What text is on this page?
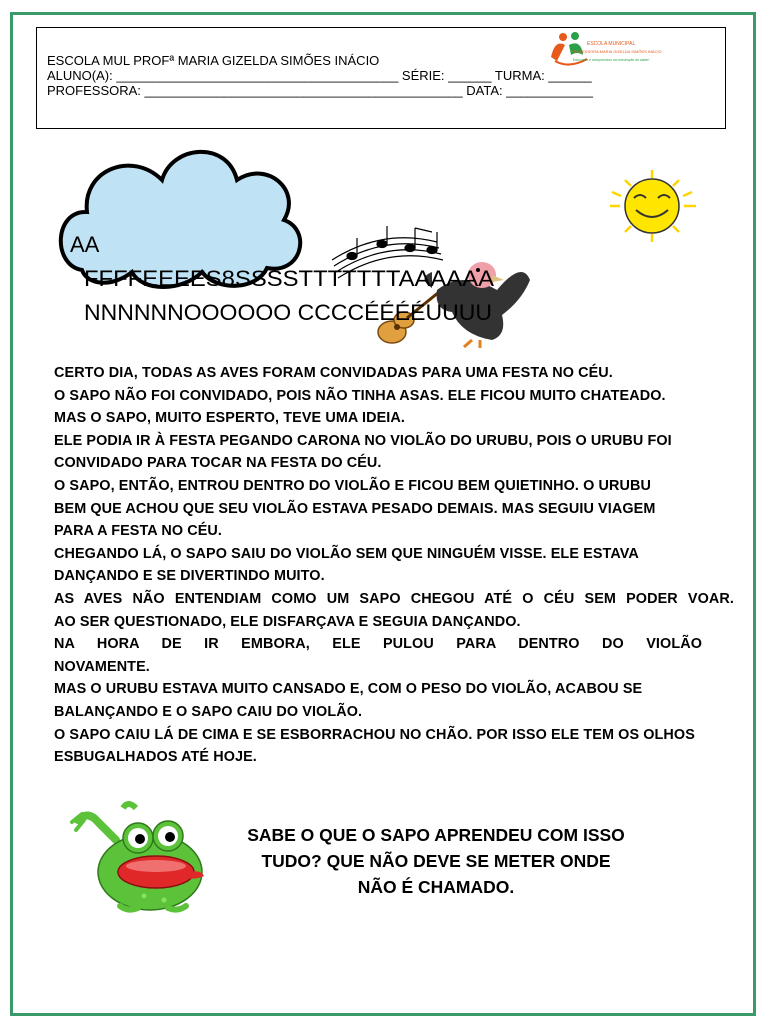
ESCOLA MUL PROFª MARIA GIZELDA SIMÕES INÁCIO
ALUNO(A): _______________________________________ SÉRIE: ______ TURMA: ______
PROFESSORA: ____________________________________________ DATA: ____________
ESCOLA MUNICIPAL
PROFESSORA MARIA GIZELDA SIMÕES INÁCIO
Educação e compromisso na construção do saber!
AA
FFFFEEEES8SSSSTTTTTTTAAAAAA
NNNNNNOOOOOO CCCCÉÉÉÉUUUU

CERTO DIA, TODAS AS AVES FORAM CONVIDADAS PARA UMA FESTA NO CÉU.

O SAPO NÃO FOI CONVIDADO, POIS NÃO TINHA ASAS. ELE FICOU MUITO CHATEADO.

MAS O SAPO, MUITO ESPERTO, TEVE UMA IDEIA.

ELE PODIA IR À FESTA PEGANDO CARONA NO VIOLÃO DO URUBU, POIS O URUBU FOI

CONVIDADO PARA TOCAR NA FESTA DO CÉU.

O SAPO, ENTÃO, ENTROU DENTRO DO VIOLÃO E FICOU BEM QUIETINHO. O URUBU

BEM QUE ACHOU QUE SEU VIOLÃO ESTAVA PESADO DEMAIS. MAS SEGUIU VIAGEM

PARA A FESTA NO CÉU.

CHEGANDO LÁ, O SAPO SAIU DO VIOLÃO SEM QUE NINGUÉM VISSE. ELE ESTAVA

DANÇANDO E SE DIVERTINDO MUITO.

AS AVES NÃO ENTENDIAM COMO UM SAPO CHEGOU ATÉ O CÉU SEM PODER VOAR.

AO SER QUESTIONADO, ELE DISFARÇAVA E SEGUIA DANÇANDO.

NA HORA DE IR EMBORA, ELE PULOU PARA DENTRO DO VIOLÃO

NOVAMENTE.

MAS O URUBU ESTAVA MUITO CANSADO E, COM O PESO DO VIOLÃO, ACABOU SE

BALANÇANDO E O SAPO CAIU DO VIOLÃO.

O SAPO CAIU LÁ DE CIMA E SE ESBORRACHOU NO CHÃO. POR ISSO ELE TEM OS OLHOS

ESBUGALHADOS ATÉ HOJE.

SABE O QUE O SAPO APRENDEU COM ISSO
TUDO? QUE NÃO DEVE SE METER ONDE
NÃO É CHAMADO.
